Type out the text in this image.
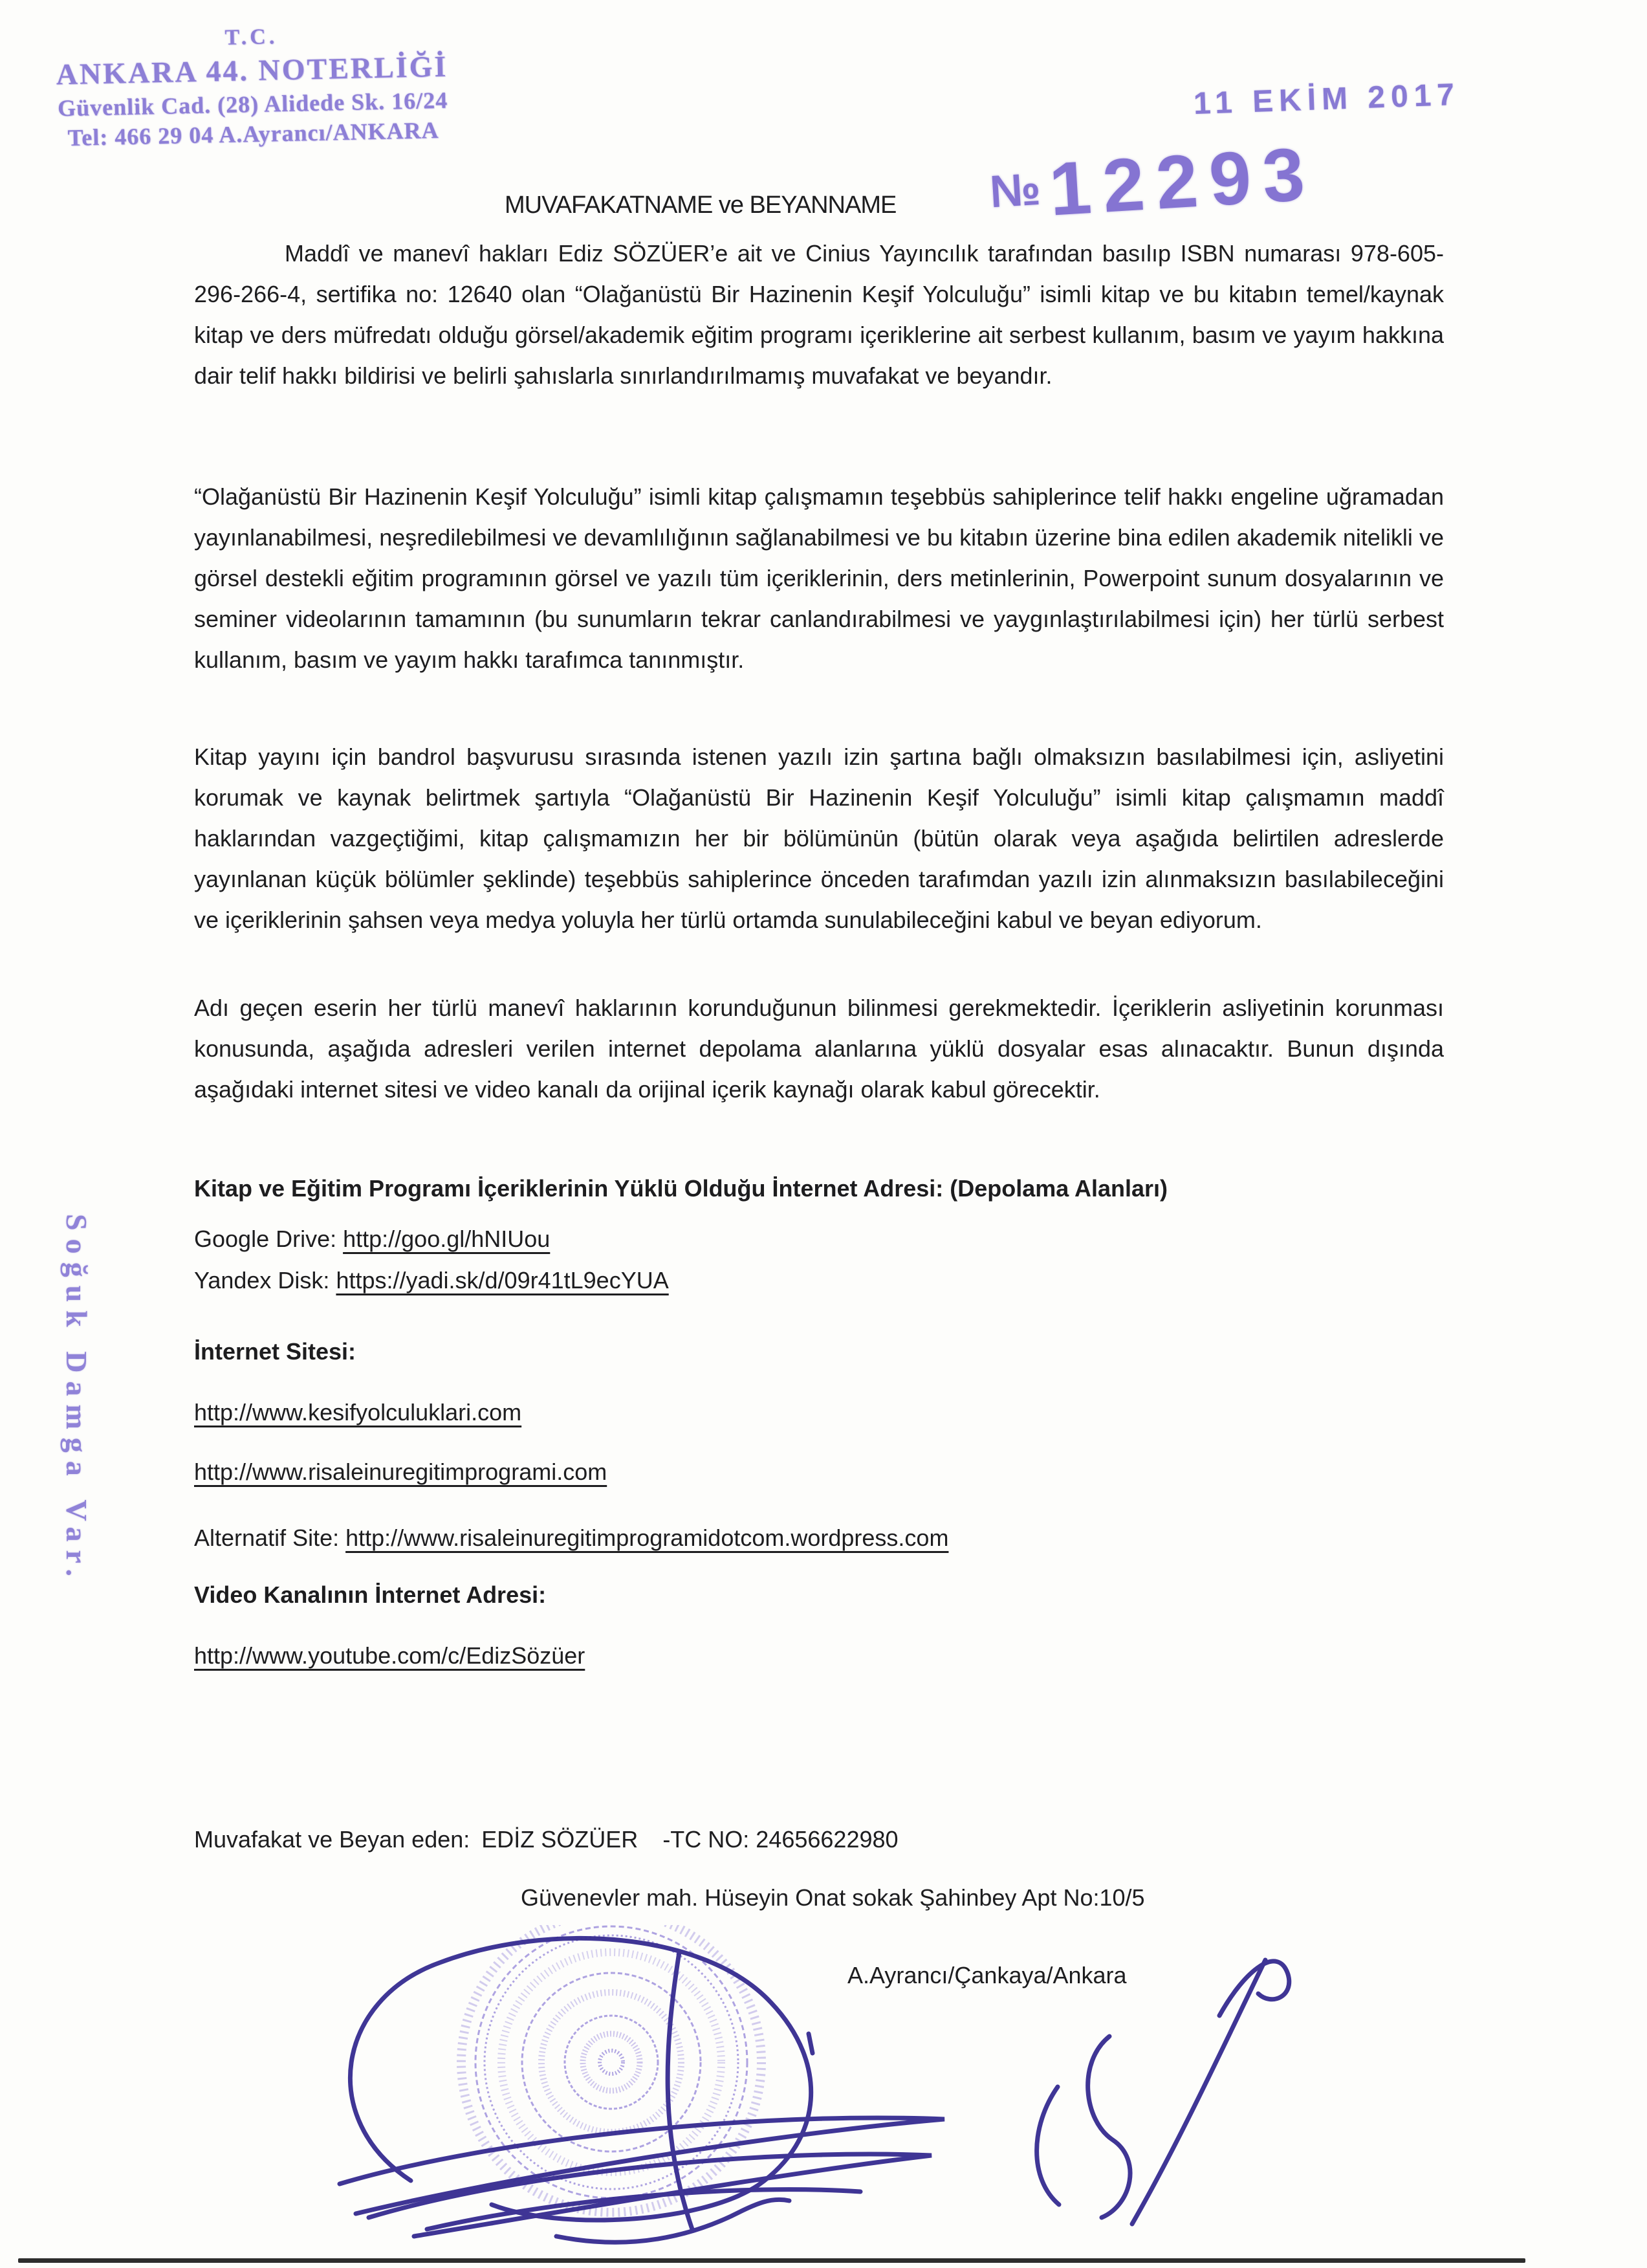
T.C.
ANKARA 44. NOTERLİĞİ
Güvenlik Cad. (28) Alidede Sk. 16/24
Tel: 466 29 04 A.Ayrancı/ANKARA
11 EKİM 2017
№12293
Soğuk Damga Var.
MUVAFAKATNAME ve BEYANNAME
Maddî ve manevî hakları Ediz SÖZÜER’e ait ve Cinius Yayıncılık tarafından basılıp ISBN numarası 978-605-296-266-4, sertifika no: 12640 olan “Olağanüstü Bir Hazinenin Keşif Yolculuğu” isimli kitap ve bu kitabın temel/kaynak kitap ve ders müfredatı olduğu görsel/akademik eğitim programı içeriklerine ait serbest kullanım, basım ve yayım hakkına dair telif hakkı bildirisi ve belirli şahıslarla sınırlandırılmamış muvafakat ve beyandır.
“Olağanüstü Bir Hazinenin Keşif Yolculuğu” isimli kitap çalışmamın teşebbüs sahiplerince telif hakkı engeline uğramadan yayınlanabilmesi, neşredilebilmesi ve devamlılığının sağlanabilmesi ve bu kitabın üzerine bina edilen akademik nitelikli ve görsel destekli eğitim programının görsel ve yazılı tüm içeriklerinin, ders metinlerinin, Powerpoint sunum dosyalarının ve seminer videolarının tamamının (bu sunumların tekrar canlandırabilmesi ve yaygınlaştırılabilmesi için) her türlü serbest kullanım, basım ve yayım hakkı tarafımca tanınmıştır.
Kitap yayını için bandrol başvurusu sırasında istenen yazılı izin şartına bağlı olmaksızın basılabilmesi için, asliyetini korumak ve kaynak belirtmek şartıyla “Olağanüstü Bir Hazinenin Keşif Yolculuğu” isimli kitap çalışmamın maddî haklarından vazgeçtiğimi, kitap çalışmamızın her bir bölümünün (bütün olarak veya aşağıda belirtilen adreslerde yayınlanan küçük bölümler şeklinde) teşebbüs sahiplerince önceden tarafımdan yazılı izin alınmaksızın basılabileceğini ve içeriklerinin şahsen veya medya yoluyla her türlü ortamda sunulabileceğini kabul ve beyan ediyorum.
Adı geçen eserin her türlü manevî haklarının korunduğunun bilinmesi gerekmektedir. İçeriklerin asliyetinin korunması konusunda, aşağıda adresleri verilen internet depolama alanlarına yüklü dosyalar esas alınacaktır. Bunun dışında aşağıdaki internet sitesi ve video kanalı da orijinal içerik kaynağı olarak kabul görecektir.
Kitap ve Eğitim Programı İçeriklerinin Yüklü Olduğu İnternet Adresi: (Depolama Alanları)
Google Drive: http://goo.gl/hNIUou
Yandex Disk: https://yadi.sk/d/09r41tL9ecYUA
İnternet Sitesi:
http://www.kesifyolculuklari.com
http://www.risaleinuregitimprogrami.com
Alternatif Site: http://www.risaleinuregitimprogramidotcom.wordpress.com
Video Kanalının İnternet Adresi:
http://www.youtube.com/c/EdizSözüer
Muvafakat ve Beyan eden: EDİZ SÖZÜER -TC NO: 24656622980
Güvenevler mah. Hüseyin Onat sokak Şahinbey Apt No:10/5
A.Ayrancı/Çankaya/Ankara
